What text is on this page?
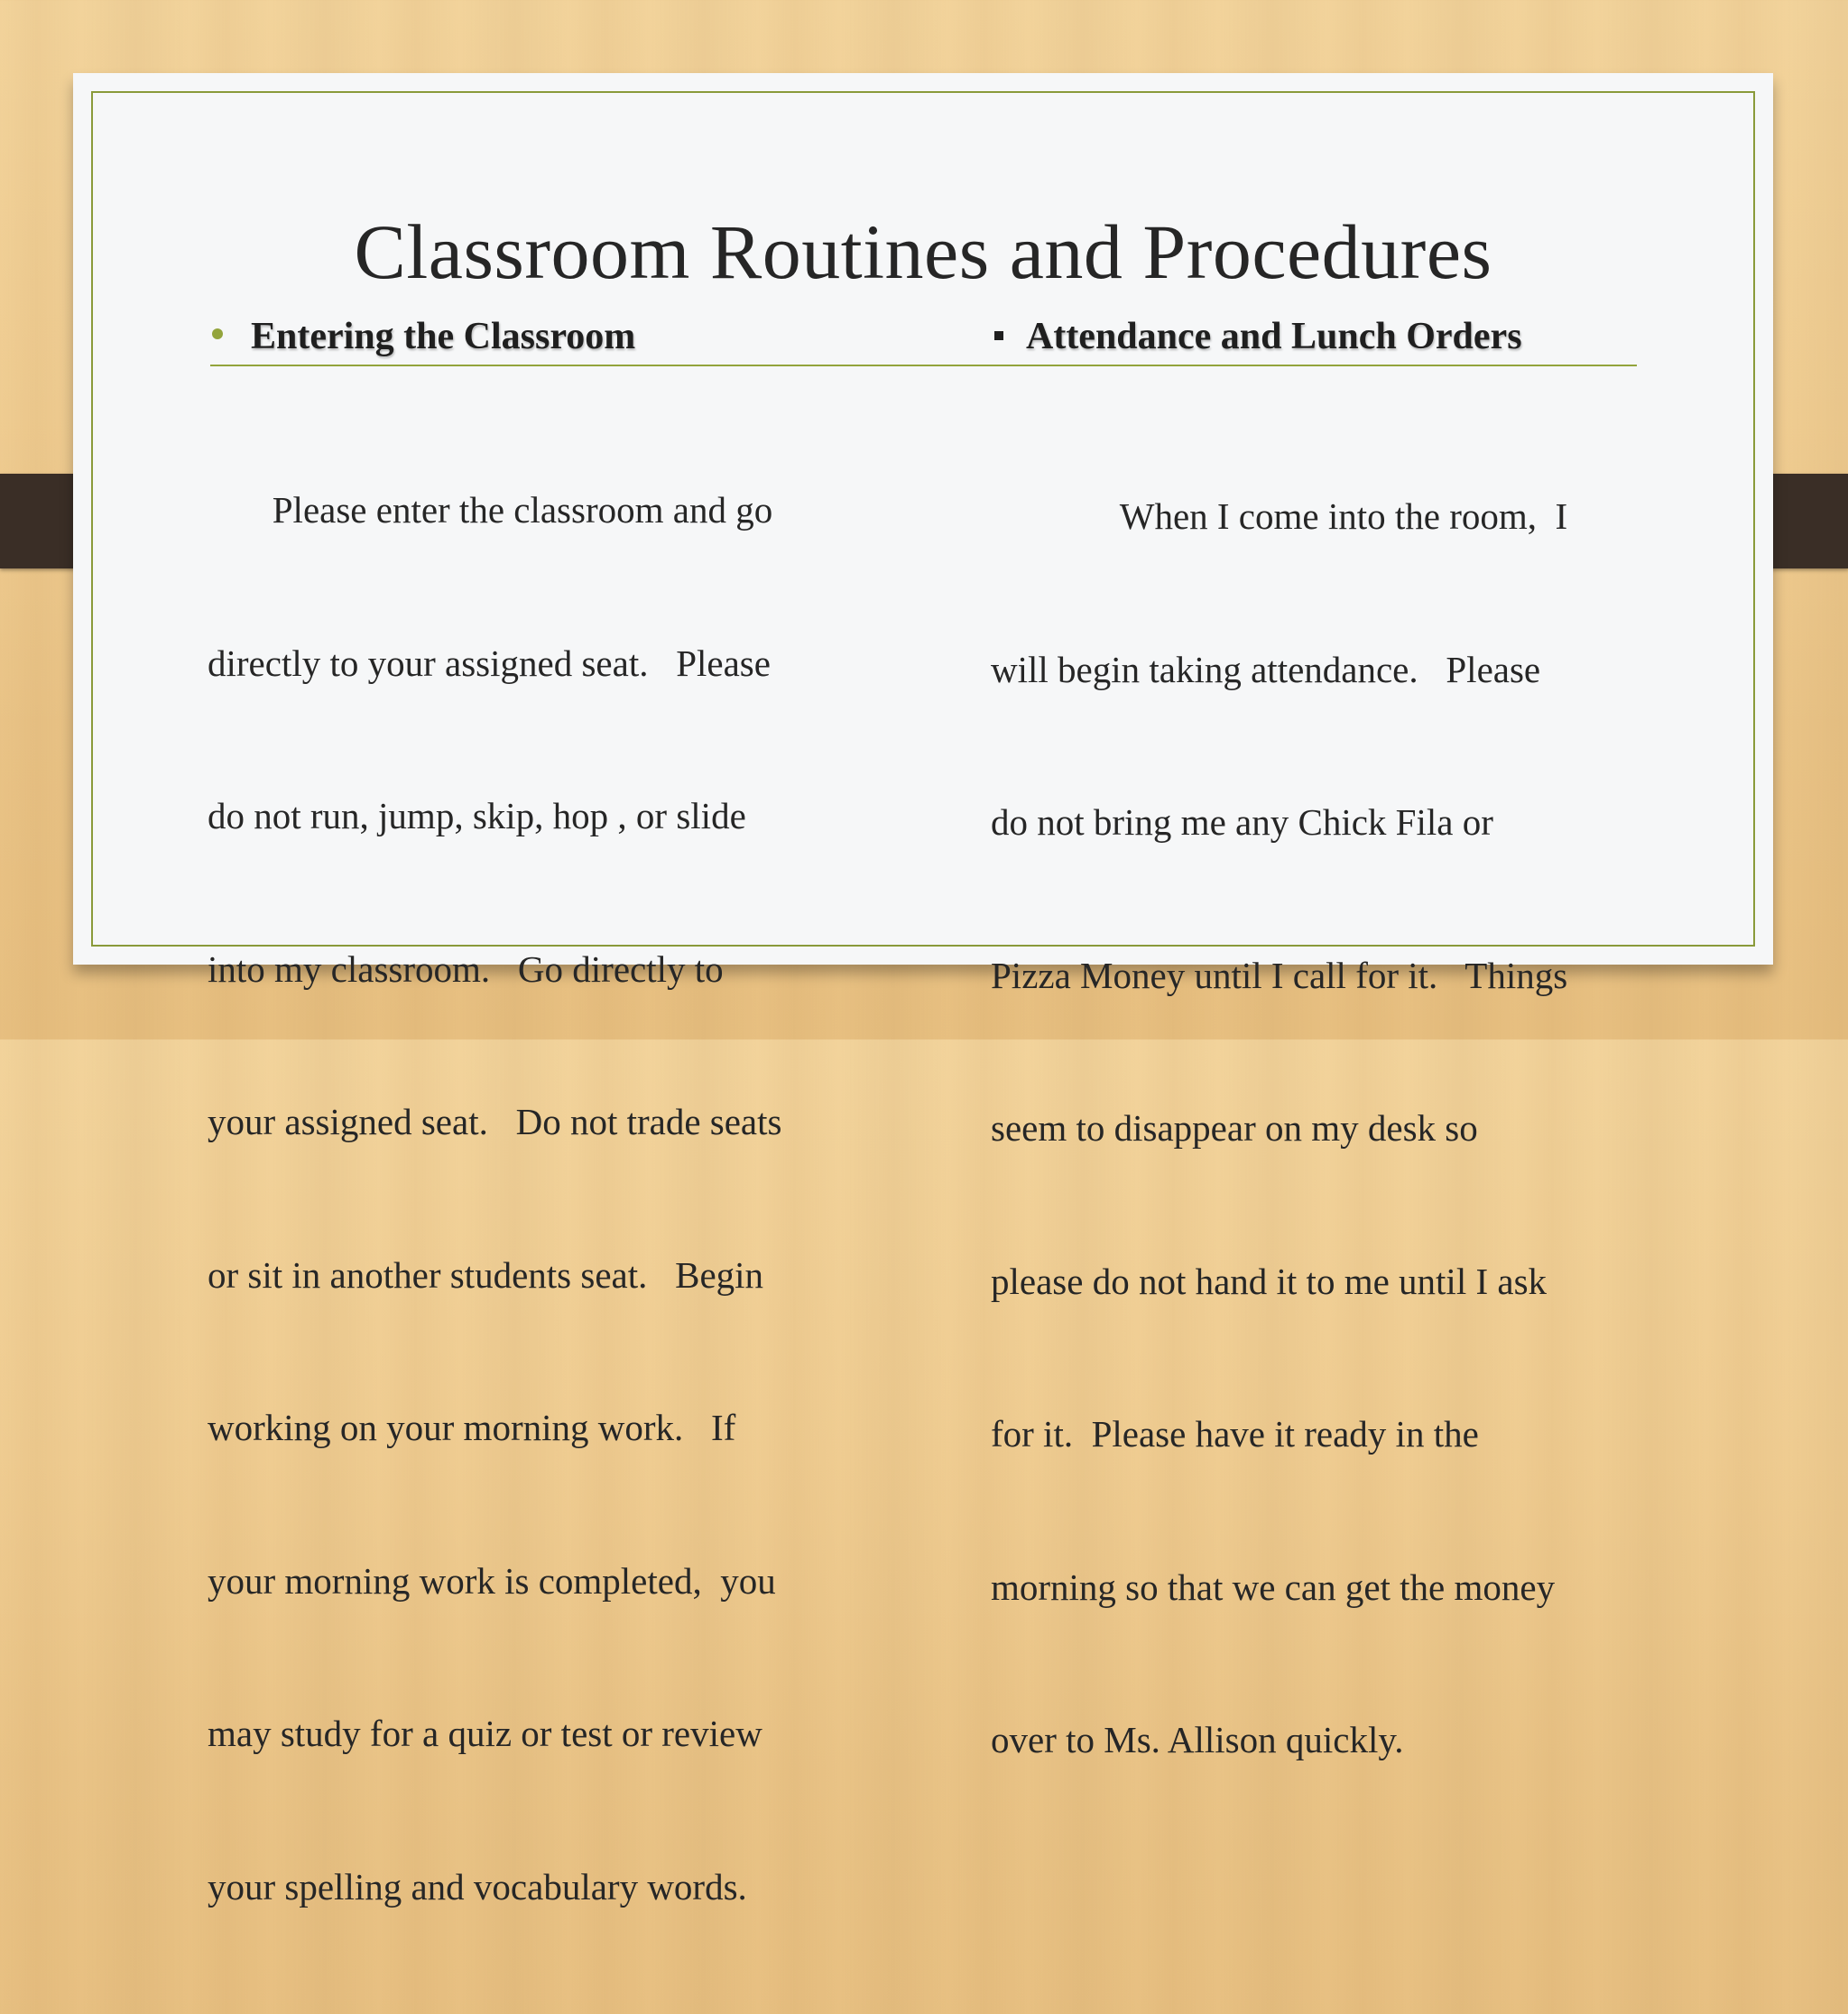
Classroom Routines and Procedures
Entering the Classroom	Attendance and Lunch Orders

Please enter the classroom and go

directly to your assigned seat.   Please

do not run, jump, skip, hop , or slide

into my classroom.   Go directly to

your assigned seat.   Do not trade seats

or sit in another students seat.   Begin

working on your morning work.   If

your morning work is completed,  you

may study for a quiz or test or review

your spelling and vocabulary words.

When I come into the room,  I

will begin taking attendance.   Please

do not bring me any Chick Fila or

Pizza Money until I call for it.   Things

seem to disappear on my desk so

please do not hand it to me until I ask

for it.  Please have it ready in the

morning so that we can get the money

over to Ms. Allison quickly.
